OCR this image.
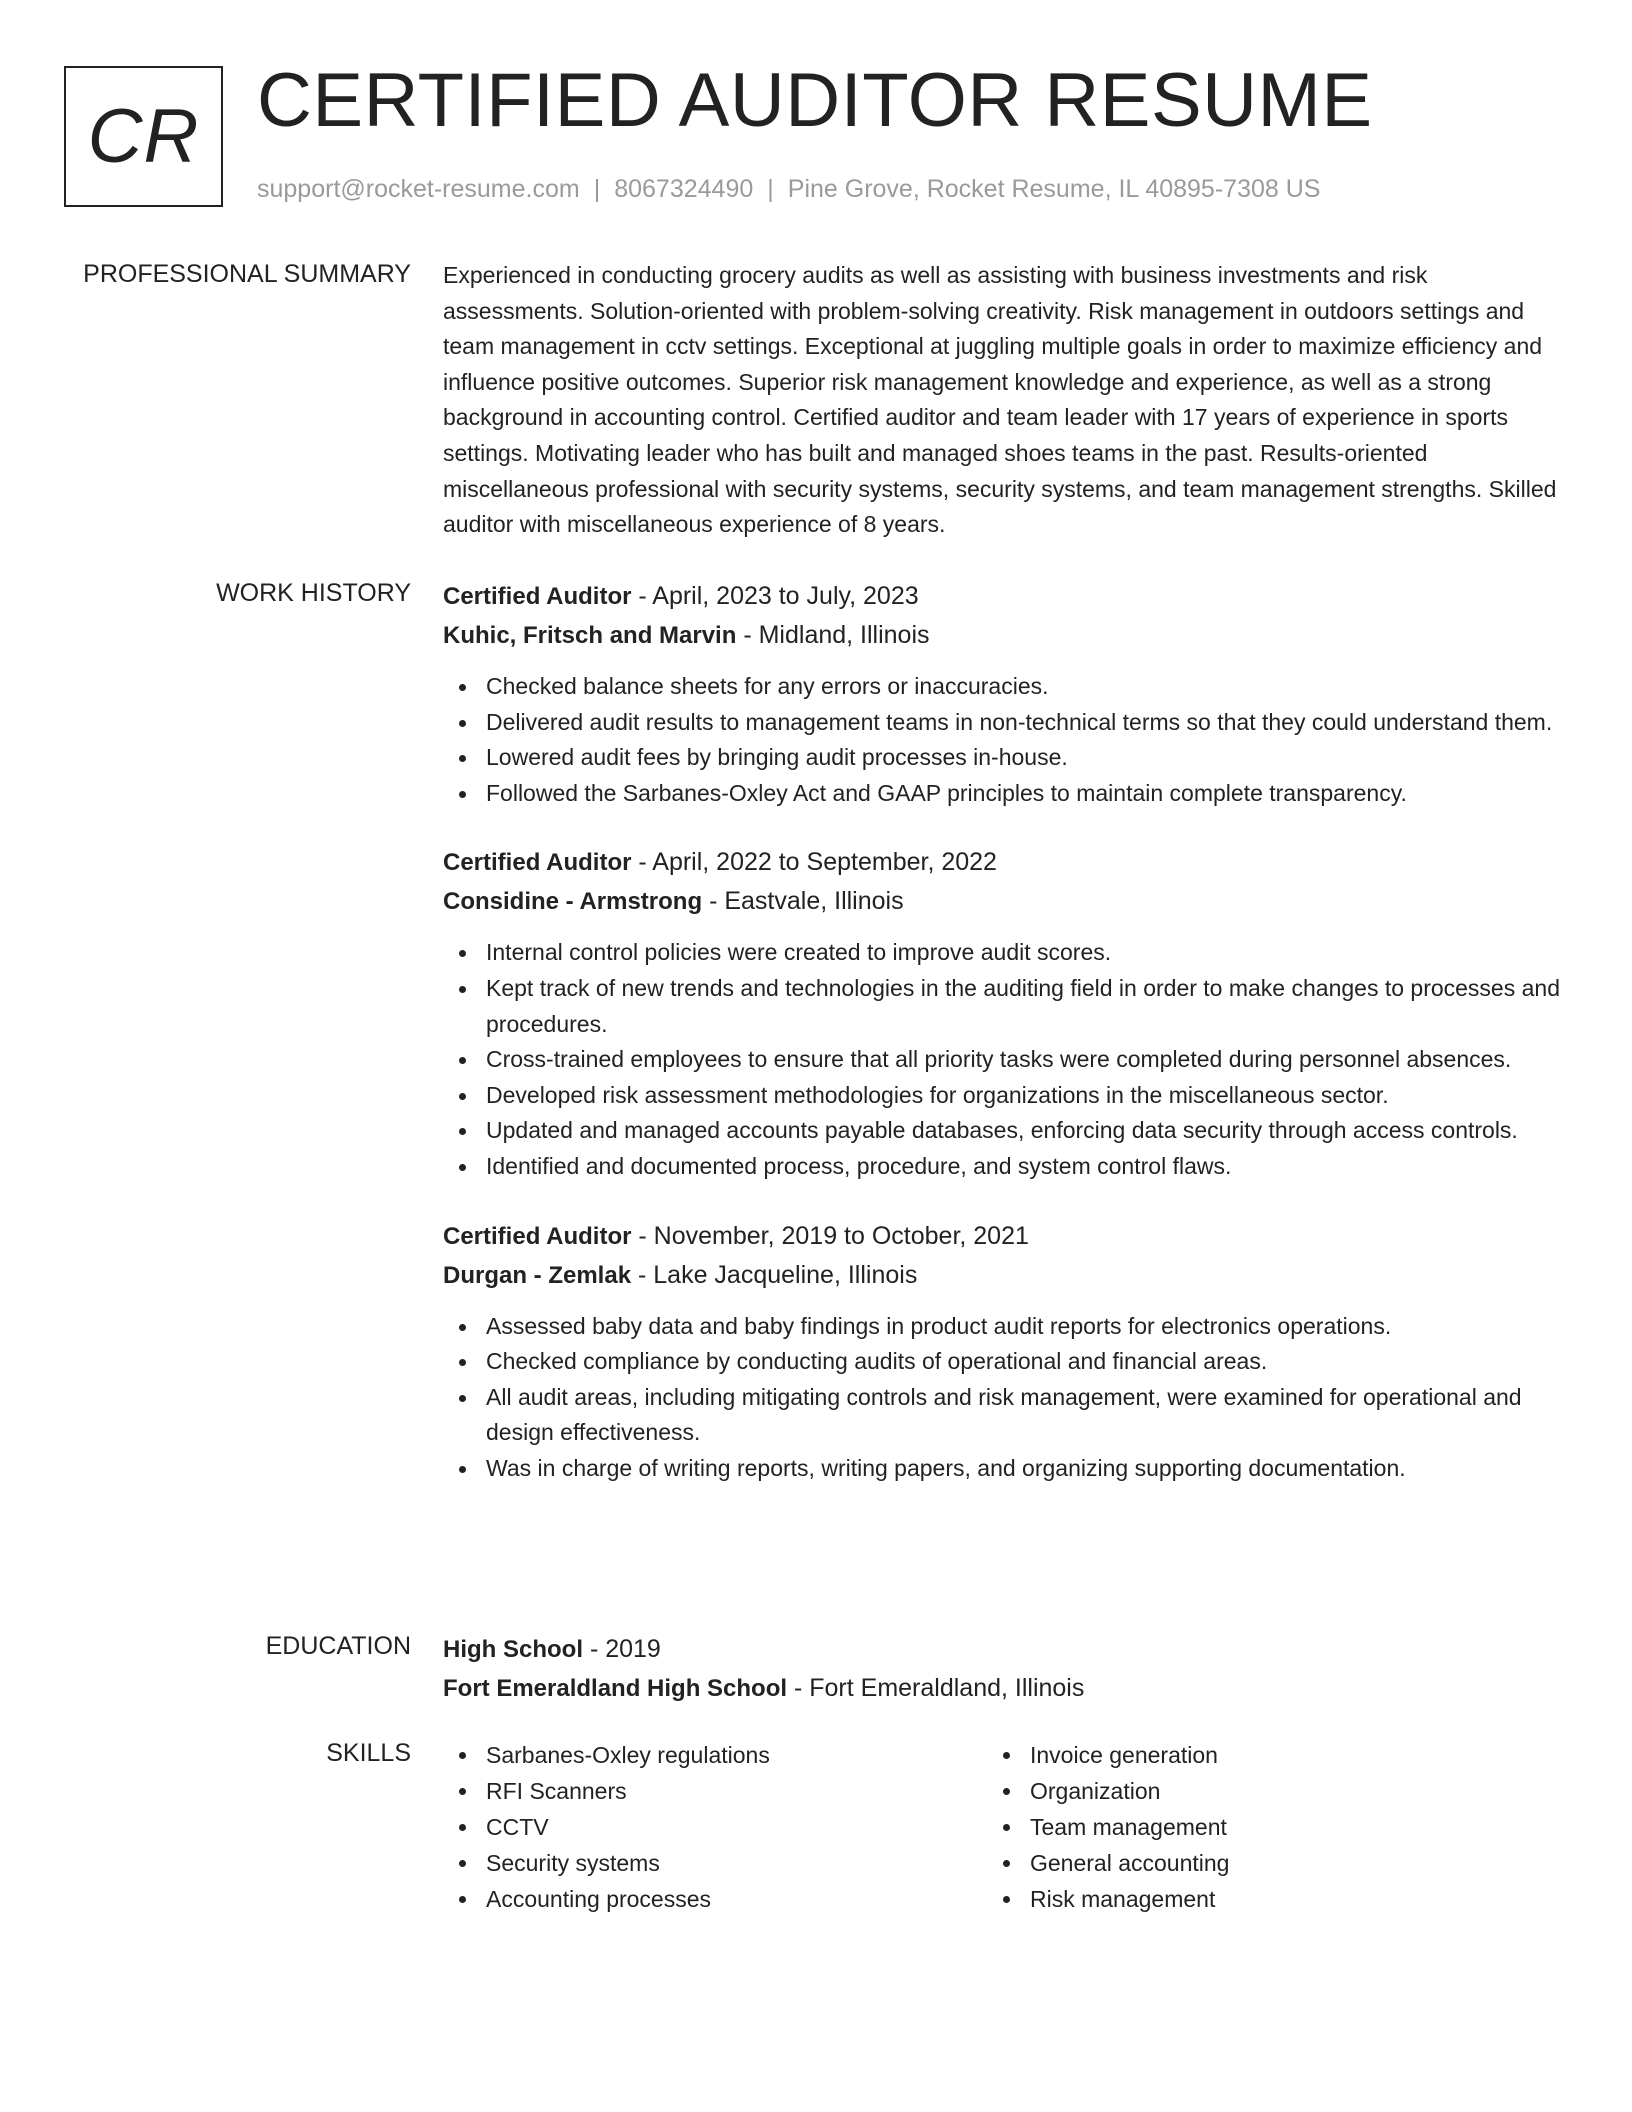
CR CERTIFIED AUDITOR RESUME
support@rocket-resume.com | 8067324490 | Pine Grove, Rocket Resume, IL 40895-7308 US
PROFESSIONAL SUMMARY Experienced in conducting grocery audits as well as assisting with business investments and risk assessments. Solution-oriented with problem-solving creativity. Risk management in outdoors settings and team management in cctv settings. Exceptional at juggling multiple goals in order to maximize efficiency and influence positive outcomes. Superior risk management knowledge and experience, as well as a strong background in accounting control. Certified auditor and team leader with 17 years of experience in sports settings. Motivating leader who has built and managed shoes teams in the past. Results-oriented miscellaneous professional with security systems, security systems, and team management strengths. Skilled auditor with miscellaneous experience of 8 years.

WORK HISTORY Certified Auditor - April, 2023 to July, 2023
Kuhic, Fritsch and Marvin - Midland, Illinois
Checked balance sheets for any errors or inaccuracies.
Delivered audit results to management teams in non-technical terms so that they could understand them.
Lowered audit fees by bringing audit processes in-house.
Followed the Sarbanes-Oxley Act and GAAP principles to maintain complete transparency.
Certified Auditor - April, 2022 to September, 2022
Considine - Armstrong - Eastvale, Illinois
Internal control policies were created to improve audit scores.
Kept track of new trends and technologies in the auditing field in order to make changes to processes and procedures.
Cross-trained employees to ensure that all priority tasks were completed during personnel absences.
Developed risk assessment methodologies for organizations in the miscellaneous sector.
Updated and managed accounts payable databases, enforcing data security through access controls.
Identified and documented process, procedure, and system control flaws.
Certified Auditor - November, 2019 to October, 2021
Durgan - Zemlak - Lake Jacqueline, Illinois
Assessed baby data and baby findings in product audit reports for electronics operations.
Checked compliance by conducting audits of operational and financial areas.
All audit areas, including mitigating controls and risk management, were examined for operational and design effectiveness.
Was in charge of writing reports, writing papers, and organizing supporting documentation.
EDUCATION High School - 2019
Fort Emeraldland High School - Fort Emeraldland, Illinois
SKILLS	Sarbanes-Oxley regulations
RFI Scanners
CCTV
Security systems
Accounting processes
Invoice generation
Organization
Team management
General accounting
Risk management
